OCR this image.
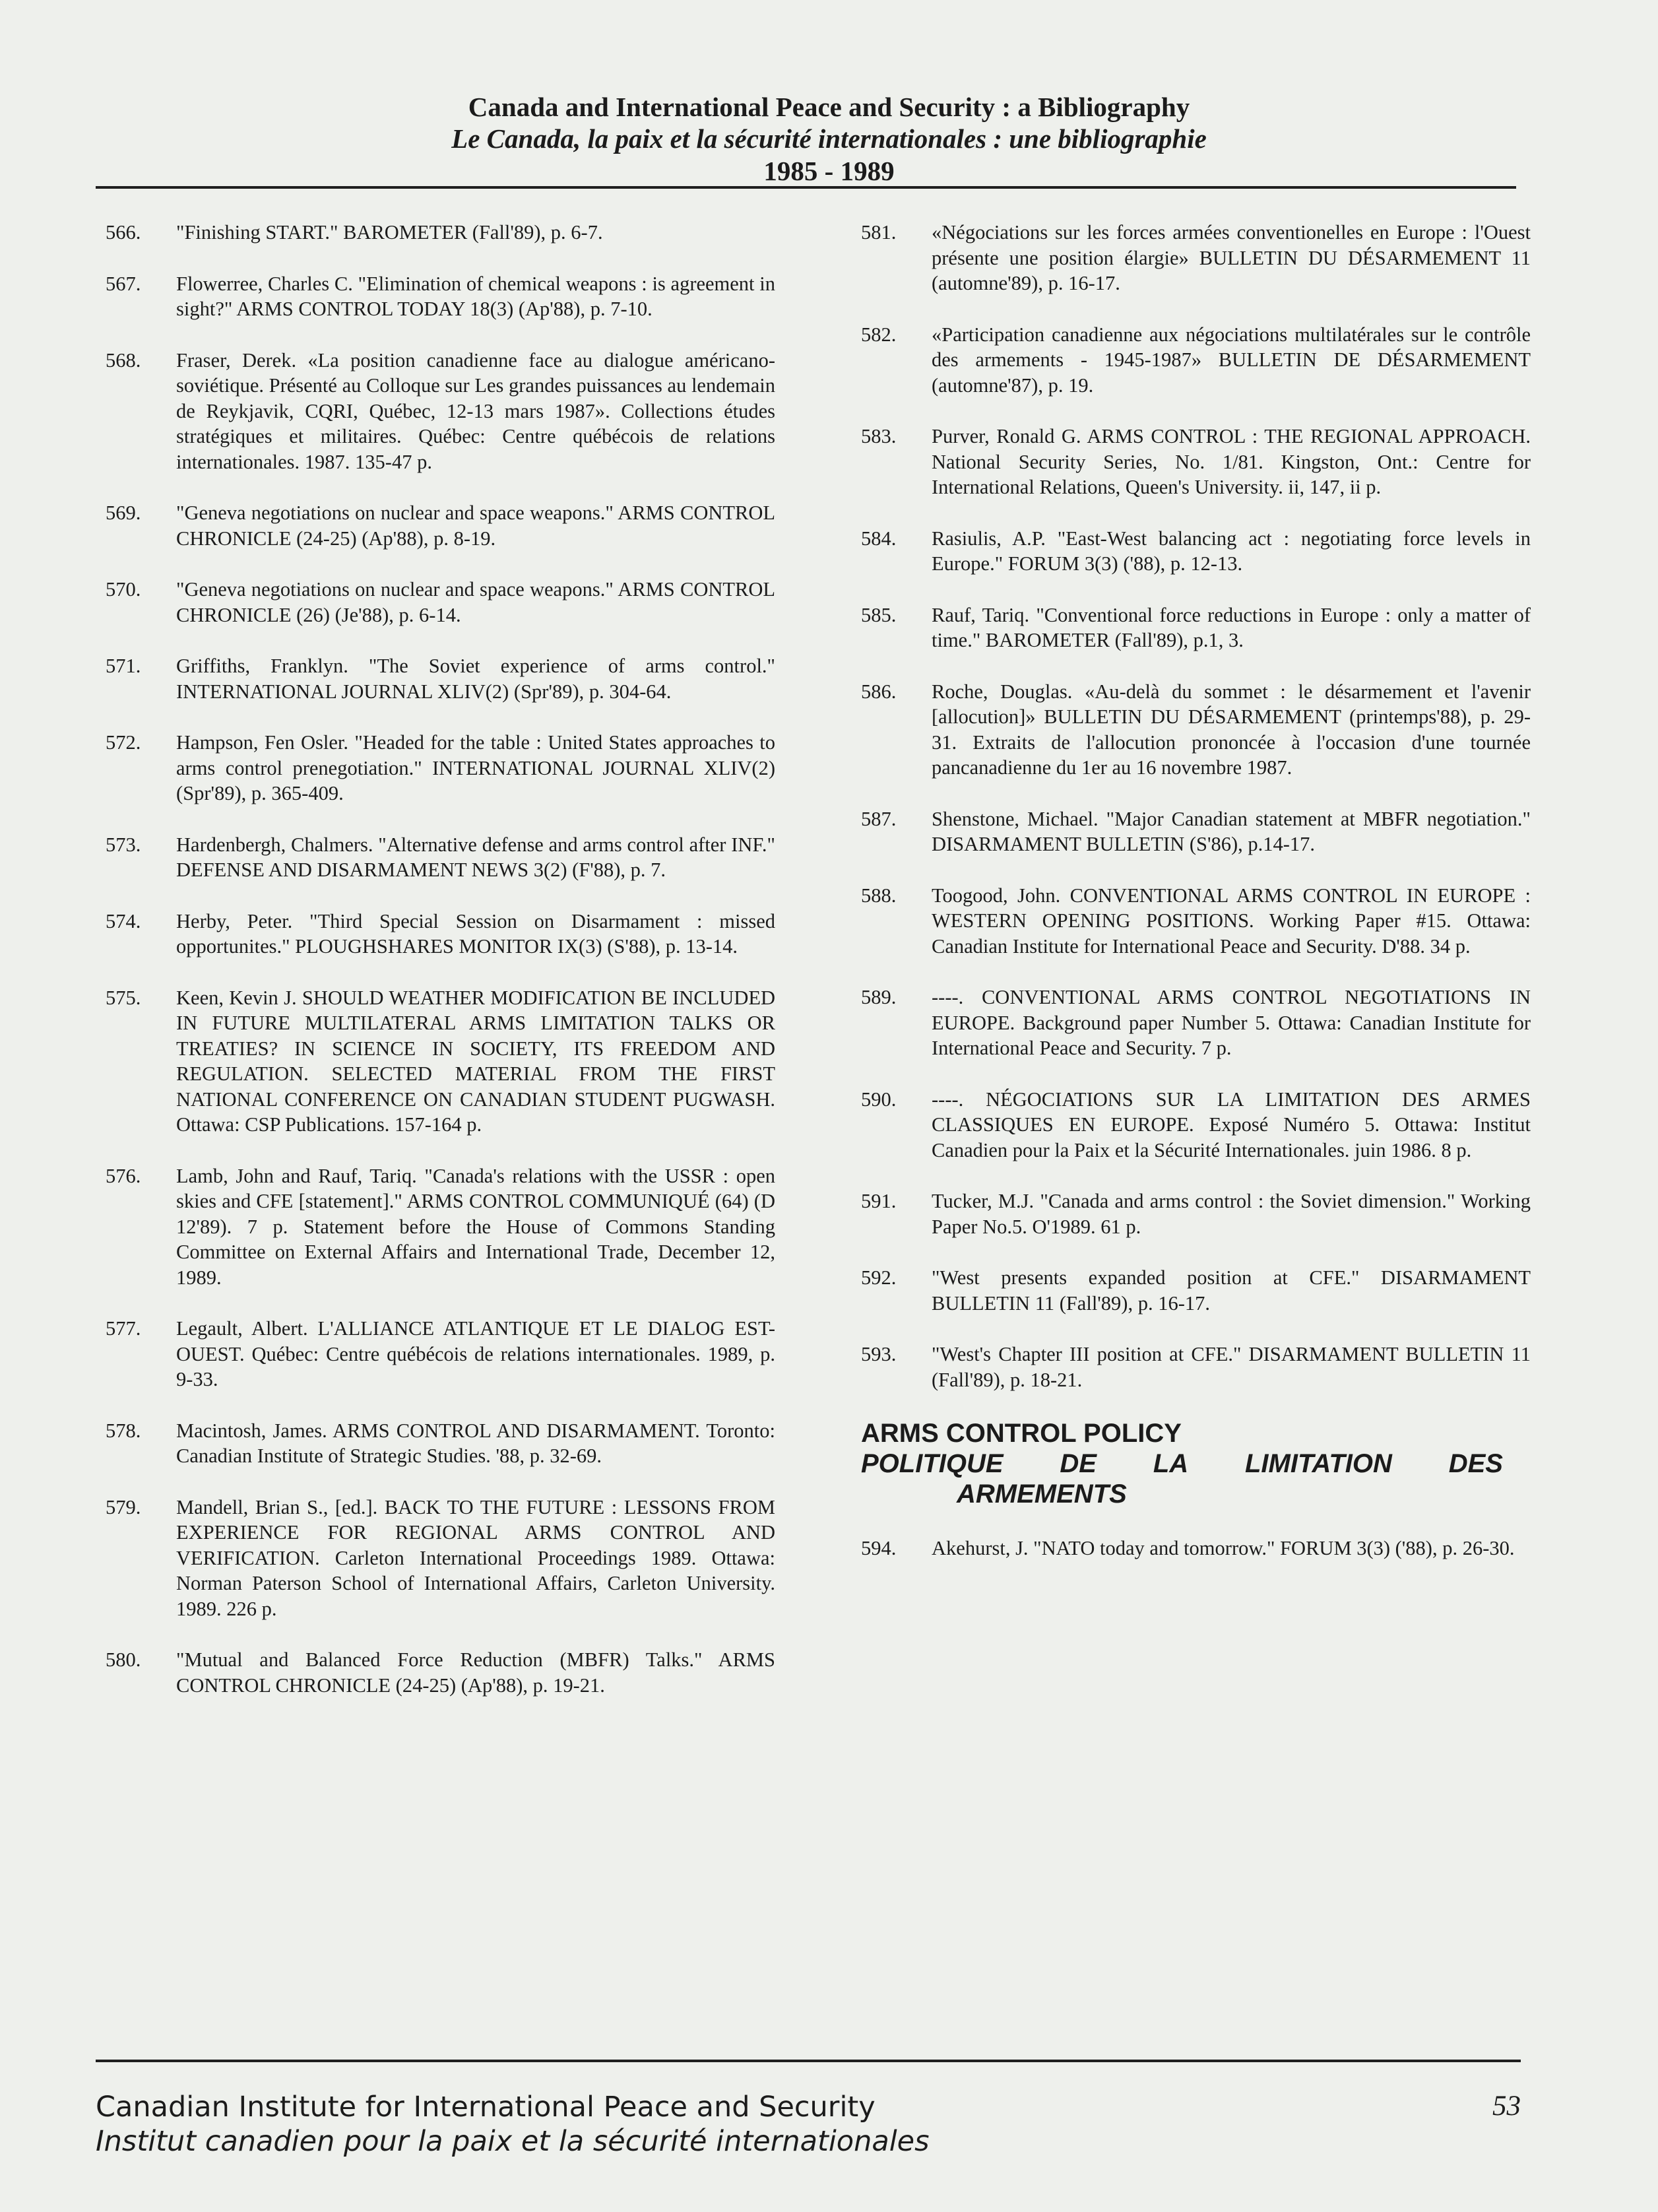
Canada and International Peace and Security : a Bibliography
Le Canada, la paix et la sécurité internationales : une bibliographie
1985 - 1989
566.	"Finishing START." BAROMETER (Fall'89), p. 6-7.
567.	Flowerree, Charles C. "Elimination of chemical weapons : is agreement in sight?" ARMS CONTROL TODAY 18(3) (Ap'88), p. 7-10.
568.	Fraser, Derek. «La position canadienne face au dialogue américano-soviétique. Présenté au Colloque sur Les grandes puissances au lendemain de Reykjavik, CQRI, Québec, 12-13 mars 1987». Collections études stratégiques et militaires. Québec: Centre québécois de relations internationales. 1987. 135-47 p.
569.	"Geneva negotiations on nuclear and space weapons." ARMS CONTROL CHRONICLE (24-25) (Ap'88), p. 8-19.
570.	"Geneva negotiations on nuclear and space weapons." ARMS CONTROL CHRONICLE (26) (Je'88), p. 6-14.
571.	Griffiths, Franklyn. "The Soviet experience of arms control." INTERNATIONAL JOURNAL XLIV(2) (Spr'89), p. 304-64.
572.	Hampson, Fen Osler. "Headed for the table : United States approaches to arms control prenegotiation." INTERNATIONAL JOURNAL XLIV(2) (Spr'89), p. 365-409.
573.	Hardenbergh, Chalmers. "Alternative defense and arms control after INF." DEFENSE AND DISARMAMENT NEWS 3(2) (F'88), p. 7.
574.	Herby, Peter. "Third Special Session on Disarmament : missed opportunites." PLOUGHSHARES MONITOR IX(3) (S'88), p. 13-14.
575.	Keen, Kevin J. SHOULD WEATHER MODIFICATION BE INCLUDED IN FUTURE MULTILATERAL ARMS LIMITATION TALKS OR TREATIES? IN SCIENCE IN SOCIETY, ITS FREEDOM AND REGULATION. SELECTED MATERIAL FROM THE FIRST NATIONAL CONFERENCE ON CANADIAN STUDENT PUGWASH. Ottawa: CSP Publications. 157-164 p.
576.	Lamb, John and Rauf, Tariq. "Canada's relations with the USSR : open skies and CFE [statement]." ARMS CONTROL COMMUNIQUÉ (64) (D 12'89). 7 p. Statement before the House of Commons Standing Committee on External Affairs and International Trade, December 12, 1989.
577.	Legault, Albert. L'ALLIANCE ATLANTIQUE ET LE DIALOG EST-OUEST. Québec: Centre québécois de relations internationales. 1989, p. 9-33.
578.	Macintosh, James. ARMS CONTROL AND DISARMAMENT. Toronto: Canadian Institute of Strategic Studies. '88, p. 32-69.
579.	Mandell, Brian S., [ed.]. BACK TO THE FUTURE : LESSONS FROM EXPERIENCE FOR REGIONAL ARMS CONTROL AND VERIFICATION. Carleton International Proceedings 1989. Ottawa: Norman Paterson School of International Affairs, Carleton University. 1989. 226 p.
580.	"Mutual and Balanced Force Reduction (MBFR) Talks." ARMS CONTROL CHRONICLE (24-25) (Ap'88), p. 19-21.
581.	«Négociations sur les forces armées conventionelles en Europe : l'Ouest présente une position élargie» BULLETIN DU DÉSARMEMENT 11 (automne'89), p. 16-17.
582.	«Participation canadienne aux négociations multilatérales sur le contrôle des armements - 1945-1987» BULLETIN DE DÉSARMEMENT (automne'87), p. 19.
583.	Purver, Ronald G. ARMS CONTROL : THE REGIONAL APPROACH. National Security Series, No. 1/81. Kingston, Ont.: Centre for International Relations, Queen's University. ii, 147, ii p.
584.	Rasiulis, A.P. "East-West balancing act : negotiating force levels in Europe." FORUM 3(3) ('88), p. 12-13.
585.	Rauf, Tariq. "Conventional force reductions in Europe : only a matter of time." BAROMETER (Fall'89), p.1, 3.
586.	Roche, Douglas. «Au-delà du sommet : le désarmement et l'avenir [allocution]» BULLETIN DU DÉSARMEMENT (printemps'88), p. 29-31. Extraits de l'allocution prononcée à l'occasion d'une tournée pancanadienne du 1er au 16 novembre 1987.
587.	Shenstone, Michael. "Major Canadian statement at MBFR negotiation." DISARMAMENT BULLETIN (S'86), p.14-17.
588.	Toogood, John. CONVENTIONAL ARMS CONTROL IN EUROPE : WESTERN OPENING POSITIONS. Working Paper #15. Ottawa: Canadian Institute for International Peace and Security. D'88. 34 p.
589.	----. CONVENTIONAL ARMS CONTROL NEGOTIATIONS IN EUROPE. Background paper Number 5. Ottawa: Canadian Institute for International Peace and Security. 7 p.
590.	----. NÉGOCIATIONS SUR LA LIMITATION DES ARMES CLASSIQUES EN EUROPE. Exposé Numéro 5. Ottawa: Institut Canadien pour la Paix et la Sécurité Internationales. juin 1986. 8 p.
591.	Tucker, M.J. "Canada and arms control : the Soviet dimension." Working Paper No.5. O'1989. 61 p.
592.	"West presents expanded position at CFE." DISARMAMENT BULLETIN 11 (Fall'89), p. 16-17.
593.	"West's Chapter III position at CFE." DISARMAMENT BULLETIN 11 (Fall'89), p. 18-21.
ARMS CONTROL POLICY
POLITIQUE DE LA LIMITATION DES
ARMEMENTS
594.	Akehurst, J. "NATO today and tomorrow." FORUM 3(3) ('88), p. 26-30.
Canadian Institute for International Peace and Security
Institut canadien pour la paix et la sécurité internationales
53
